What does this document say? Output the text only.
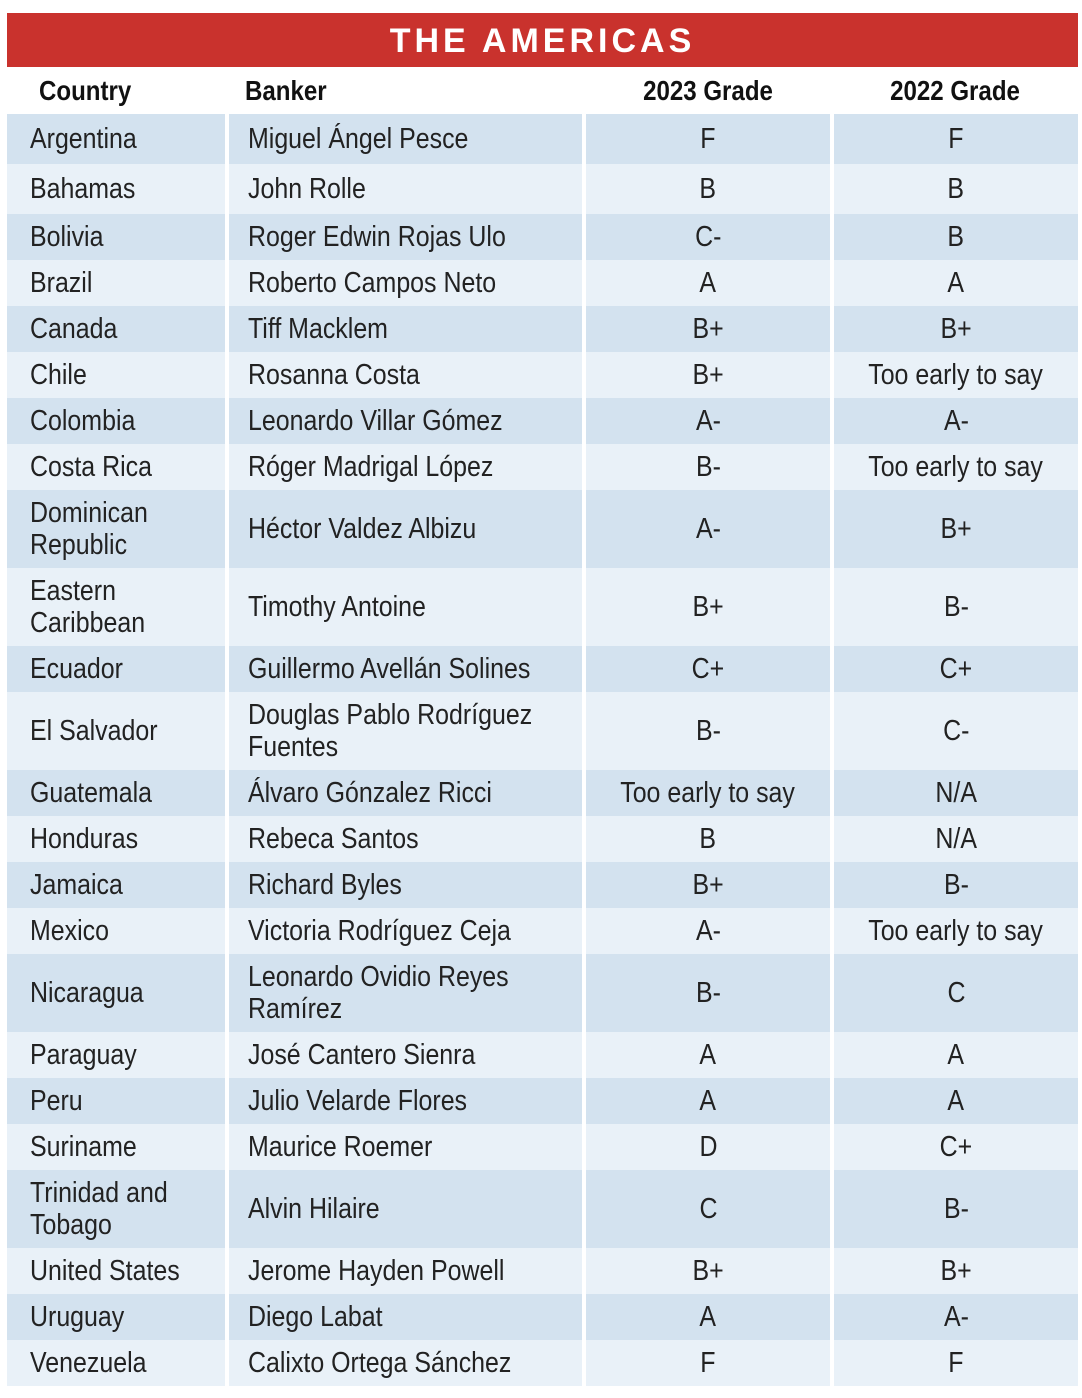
THE AMERICAS
Country	Banker	2023 Grade	2022 Grade
Argentina	Miguel Ángel Pesce	F	F
Bahamas	John Rolle	B	B
Bolivia	Roger Edwin Rojas Ulo	C-	B
Brazil	Roberto Campos Neto	A	A
Canada	Tiff Macklem	B+	B+
Chile	Rosanna Costa	B+	Too early to say
Colombia	Leonardo Villar Gómez	A-	A-
Costa Rica	Róger Madrigal López	B-	Too early to say
Dominican Republic	Héctor Valdez Albizu	A-	B+
Eastern Caribbean	Timothy Antoine	B+	B-
Ecuador	Guillermo Avellán Solines	C+	C+
El Salvador	Douglas Pablo Rodríguez Fuentes	B-	C-
Guatemala	Álvaro Gónzalez Ricci	Too early to say	N/A
Honduras	Rebeca Santos	B	N/A
Jamaica	Richard Byles	B+	B-
Mexico	Victoria Rodríguez Ceja	A-	Too early to say
Nicaragua	Leonardo Ovidio Reyes Ramírez	B-	C
Paraguay	José Cantero Sienra	A	A
Peru	Julio Velarde Flores	A	A
Suriname	Maurice Roemer	D	C+
Trinidad and Tobago	Alvin Hilaire	C	B-
United States	Jerome Hayden Powell	B+	B+
Uruguay	Diego Labat	A	A-
Venezuela	Calixto Ortega Sánchez	F	F
